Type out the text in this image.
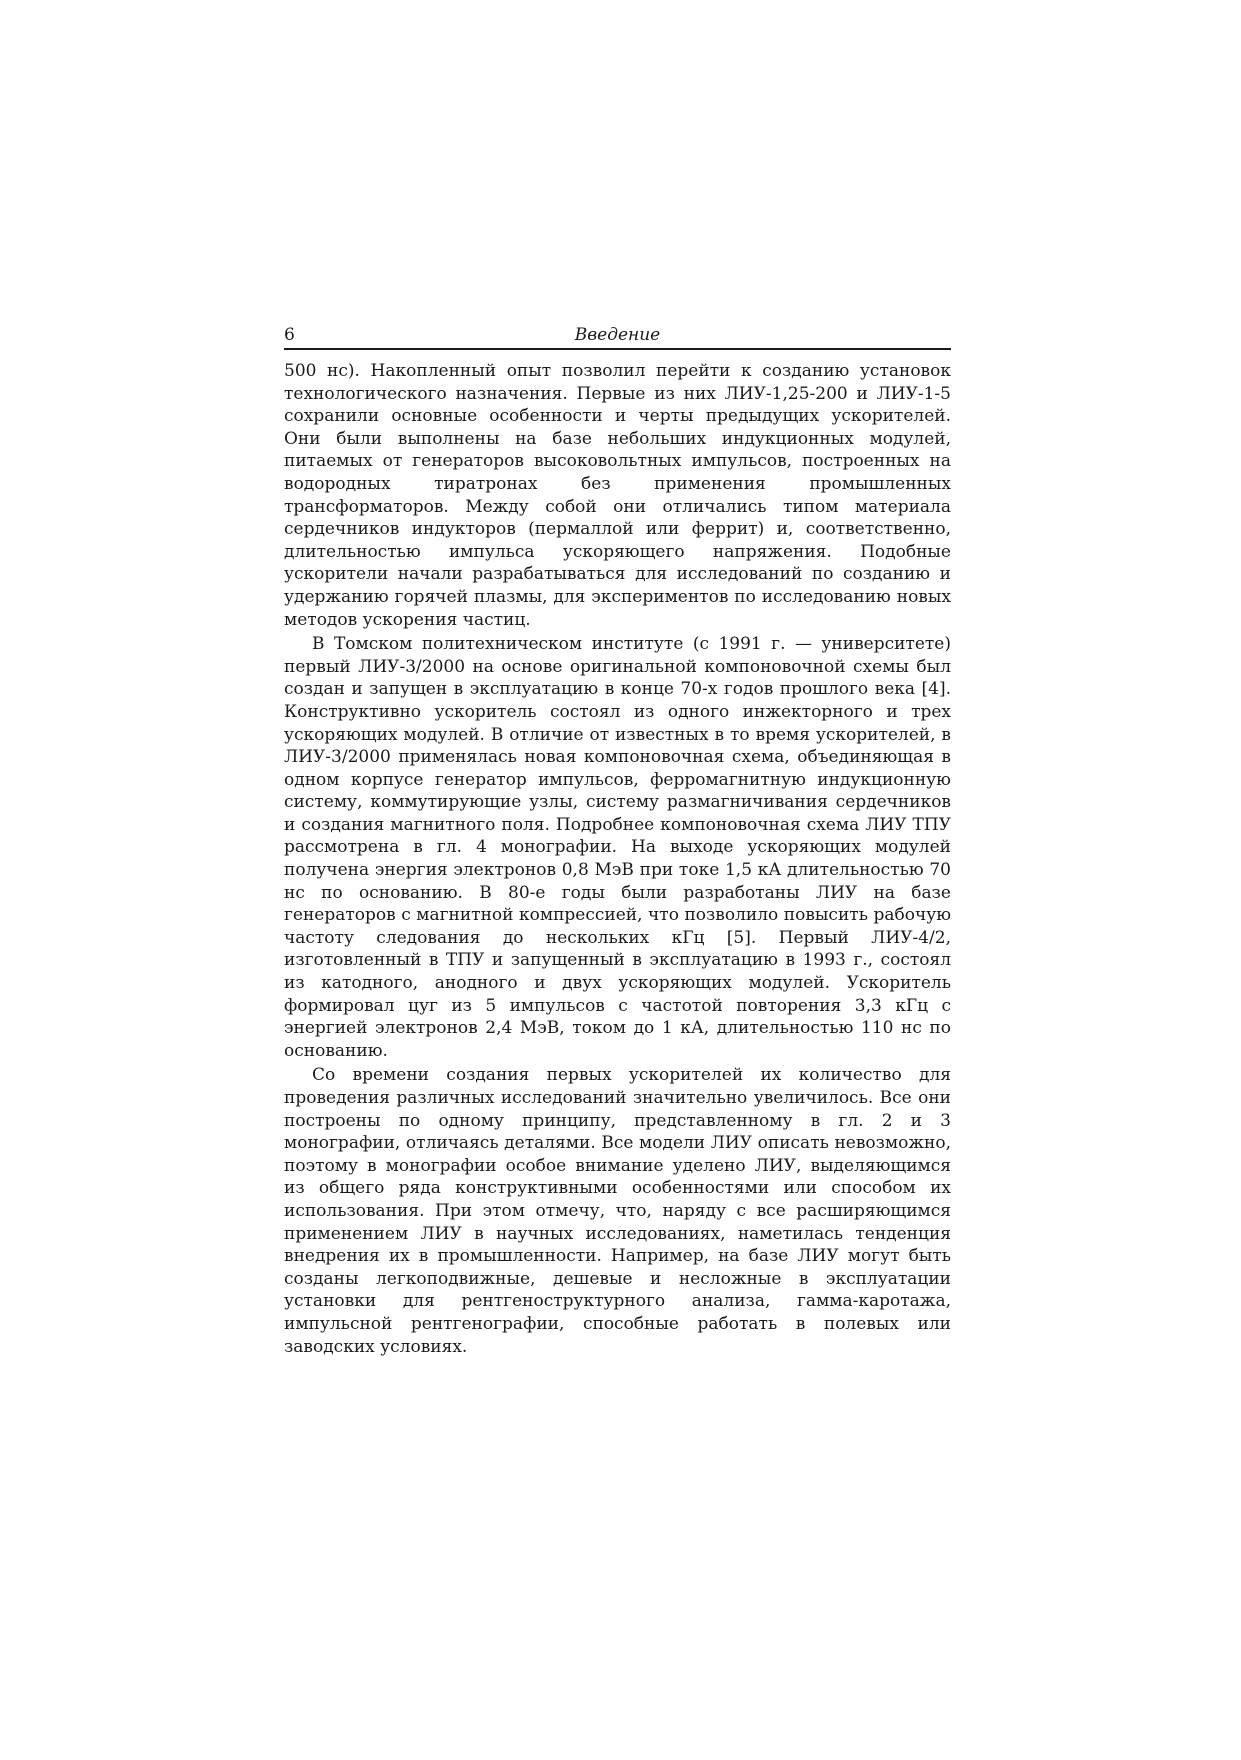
6	Введение

500 нс). Накопленный опыт позволил перейти к созданию установок технологического назначения. Первые из них ЛИУ-1,25-200 и ЛИУ-1-5 сохранили основные особенности и черты предыдущих ускорителей. Они были выполнены на базе небольших индукционных модулей, питаемых от генераторов высоковольтных импульсов, построенных на водородных тиратронах без применения промышленных трансформаторов. Между собой они отличались типом материала сердечников индукторов (пермаллой или феррит) и, соответственно, длительностью импульса ускоряющего напряжения. Подобные ускорители начали разрабатываться для исследований по созданию и удержанию горячей плазмы, для экспериментов по исследованию новых методов ускорения частиц.

В Томском политехническом институте (с 1991 г. — университете) первый ЛИУ-3/2000 на основе оригинальной компоновочной схемы был создан и запущен в эксплуатацию в конце 70-х годов прошлого века [4]. Конструктивно ускоритель состоял из одного инжекторного и трех ускоряющих модулей. В отличие от известных в то время ускорителей, в ЛИУ-3/2000 применялась новая компоновочная схема, объединяющая в одном корпусе генератор импульсов, ферромагнитную индукционную систему, коммутирующие узлы, систему размагничивания сердечников и создания магнитного поля. Подробнее компоновочная схема ЛИУ ТПУ рассмотрена в гл. 4 монографии. На выходе ускоряющих модулей получена энергия электронов 0,8 МэВ при токе 1,5 кА длительностью 70 нс по основанию. В 80-е годы были разработаны ЛИУ на базе генераторов с магнитной компрессией, что позволило повысить рабочую частоту следования до нескольких кГц [5]. Первый ЛИУ-4/2, изготовленный в ТПУ и запущенный в эксплуатацию в 1993 г., состоял из катодного, анодного и двух ускоряющих модулей. Ускоритель формировал цуг из 5 импульсов с частотой повторения 3,3 кГц с энергией электронов 2,4 МэВ, током до 1 кА, длительностью 110 нс по основанию.

Со времени создания первых ускорителей их количество для проведения различных исследований значительно увеличилось. Все они построены по одному принципу, представленному в гл. 2 и 3 монографии, отличаясь деталями. Все модели ЛИУ описать невозможно, поэтому в монографии особое внимание уделено ЛИУ, выделяющимся из общего ряда конструктивными особенностями или способом их использования. При этом отмечу, что, наряду с все расширяющимся применением ЛИУ в научных исследованиях, наметилась тенденция внедрения их в промышленности. Например, на базе ЛИУ могут быть созданы легкоподвижные, дешевые и несложные в эксплуатации установки для рентгеноструктурного анализа, гамма-каротажа, импульсной рентгенографии, способные работать в полевых или заводских условиях.
